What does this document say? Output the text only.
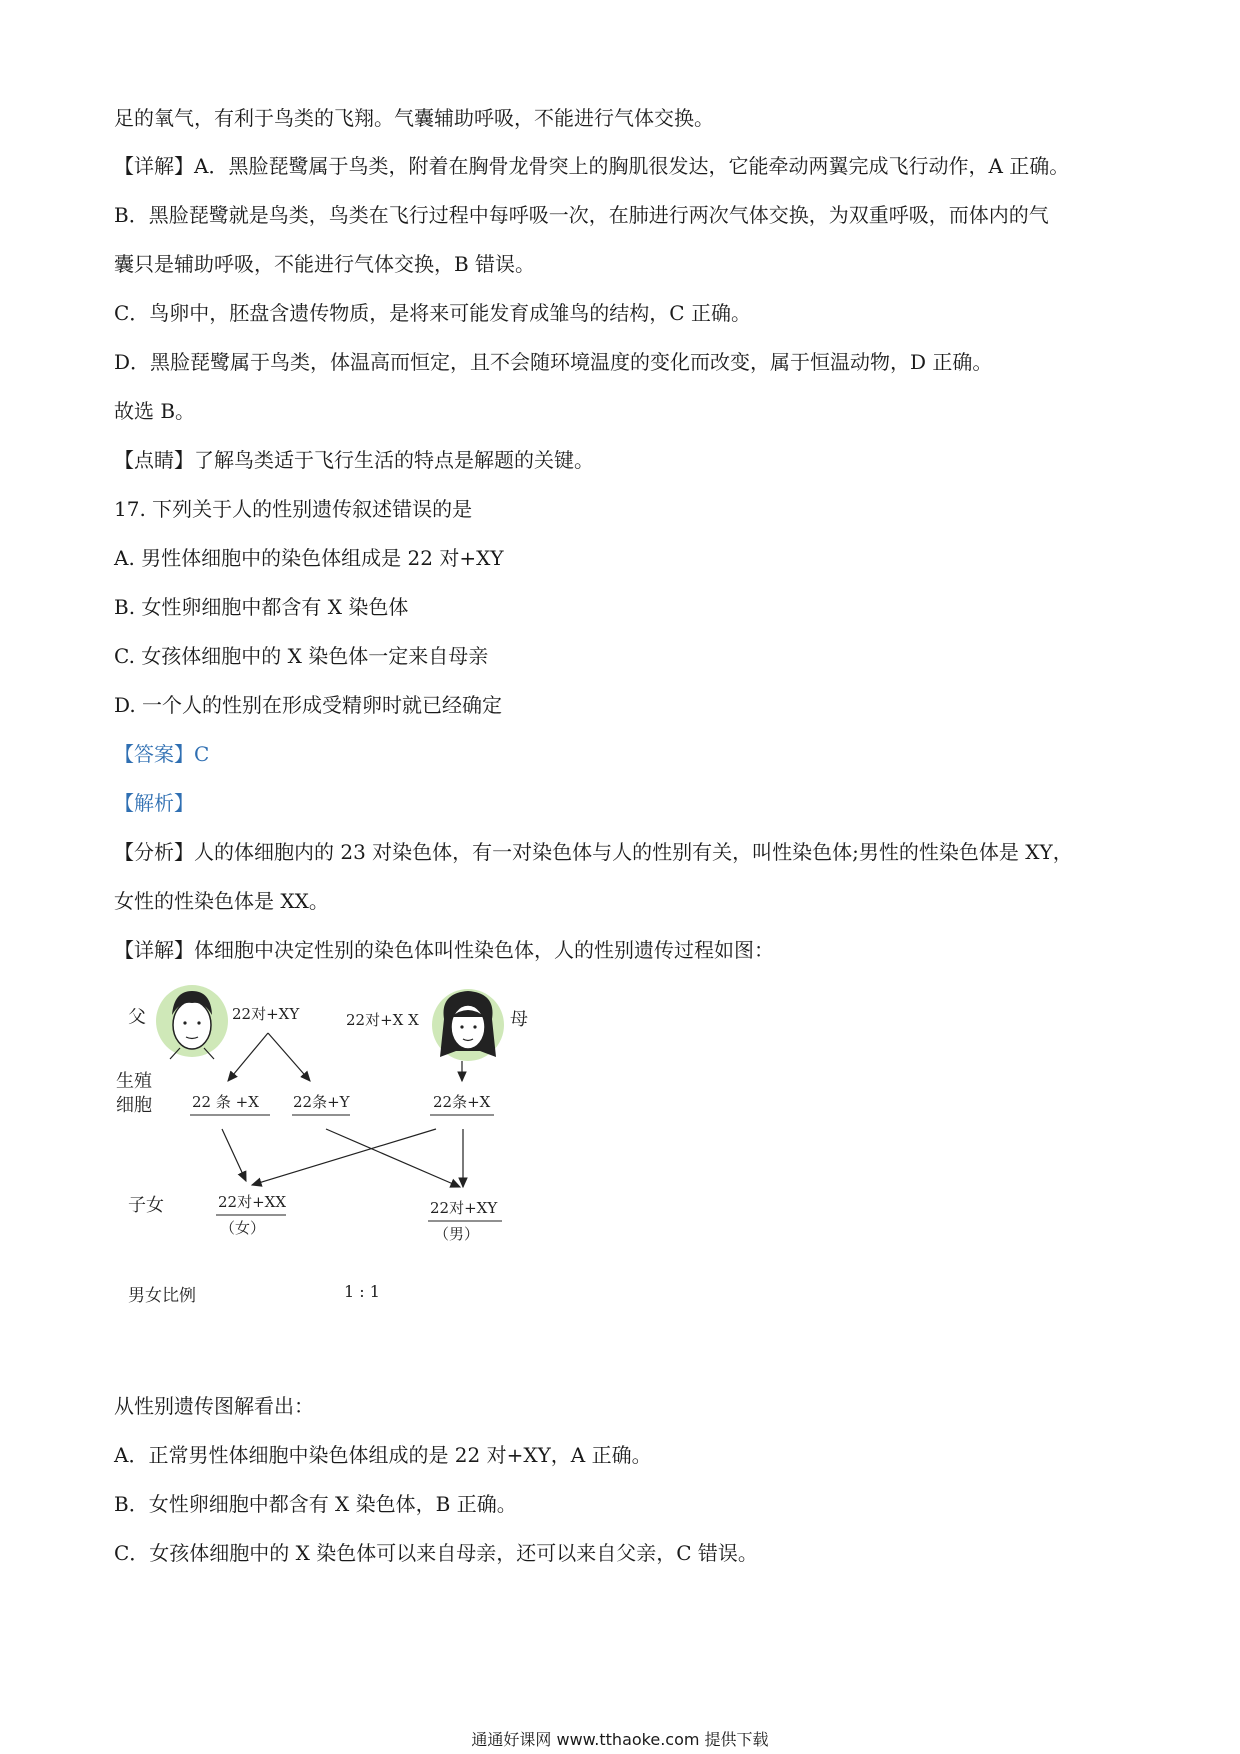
足的氧气，有利于鸟类的飞翔。气囊辅助呼吸，不能进行气体交换。
【详解】A．黑脸琵鹭属于鸟类，附着在胸骨龙骨突上的胸肌很发达，它能牵动两翼完成飞行动作，A 正确。
B．黑脸琵鹭就是鸟类，鸟类在飞行过程中每呼吸一次，在肺进行两次气体交换，为双重呼吸，而体内的气
囊只是辅助呼吸，不能进行气体交换，B 错误。
C．鸟卵中，胚盘含遗传物质，是将来可能发育成雏鸟的结构，C 正确。
D．黑脸琵鹭属于鸟类，体温高而恒定，且不会随环境温度的变化而改变，属于恒温动物，D 正确。
故选 B。
【点睛】了解鸟类适于飞行生活的特点是解题的关键。
17. 下列关于人的性别遗传叙述错误的是
A. 男性体细胞中的染色体组成是 22 对+XY
B. 女性卵细胞中都含有 X 染色体
C. 女孩体细胞中的 X 染色体一定来自母亲
D. 一个人的性别在形成受精卵时就已经确定
【答案】C
【解析】
【分析】人的体细胞内的 23 对染色体，有一对染色体与人的性别有关，叫性染色体;男性的性染色体是 XY，
女性的性染色体是 XX。
【详解】体细胞中决定性别的染色体叫性染色体，人的性别遗传过程如图：
父	22对+XY	22对+X X	母
生殖
细胞	22 条 +X 22条+Y	22条+X
子女	22对+XX
（女）
22对+XY
（男）
男女比例	1 : 1
从性别遗传图解看出：
A．正常男性体细胞中染色体组成的是 22 对+XY，A 正确。
B．女性卵细胞中都含有 X 染色体，B 正确。
C．女孩体细胞中的 X 染色体可以来自母亲，还可以来自父亲，C 错误。
通通好课网 www.tthaoke.com 提供下载
